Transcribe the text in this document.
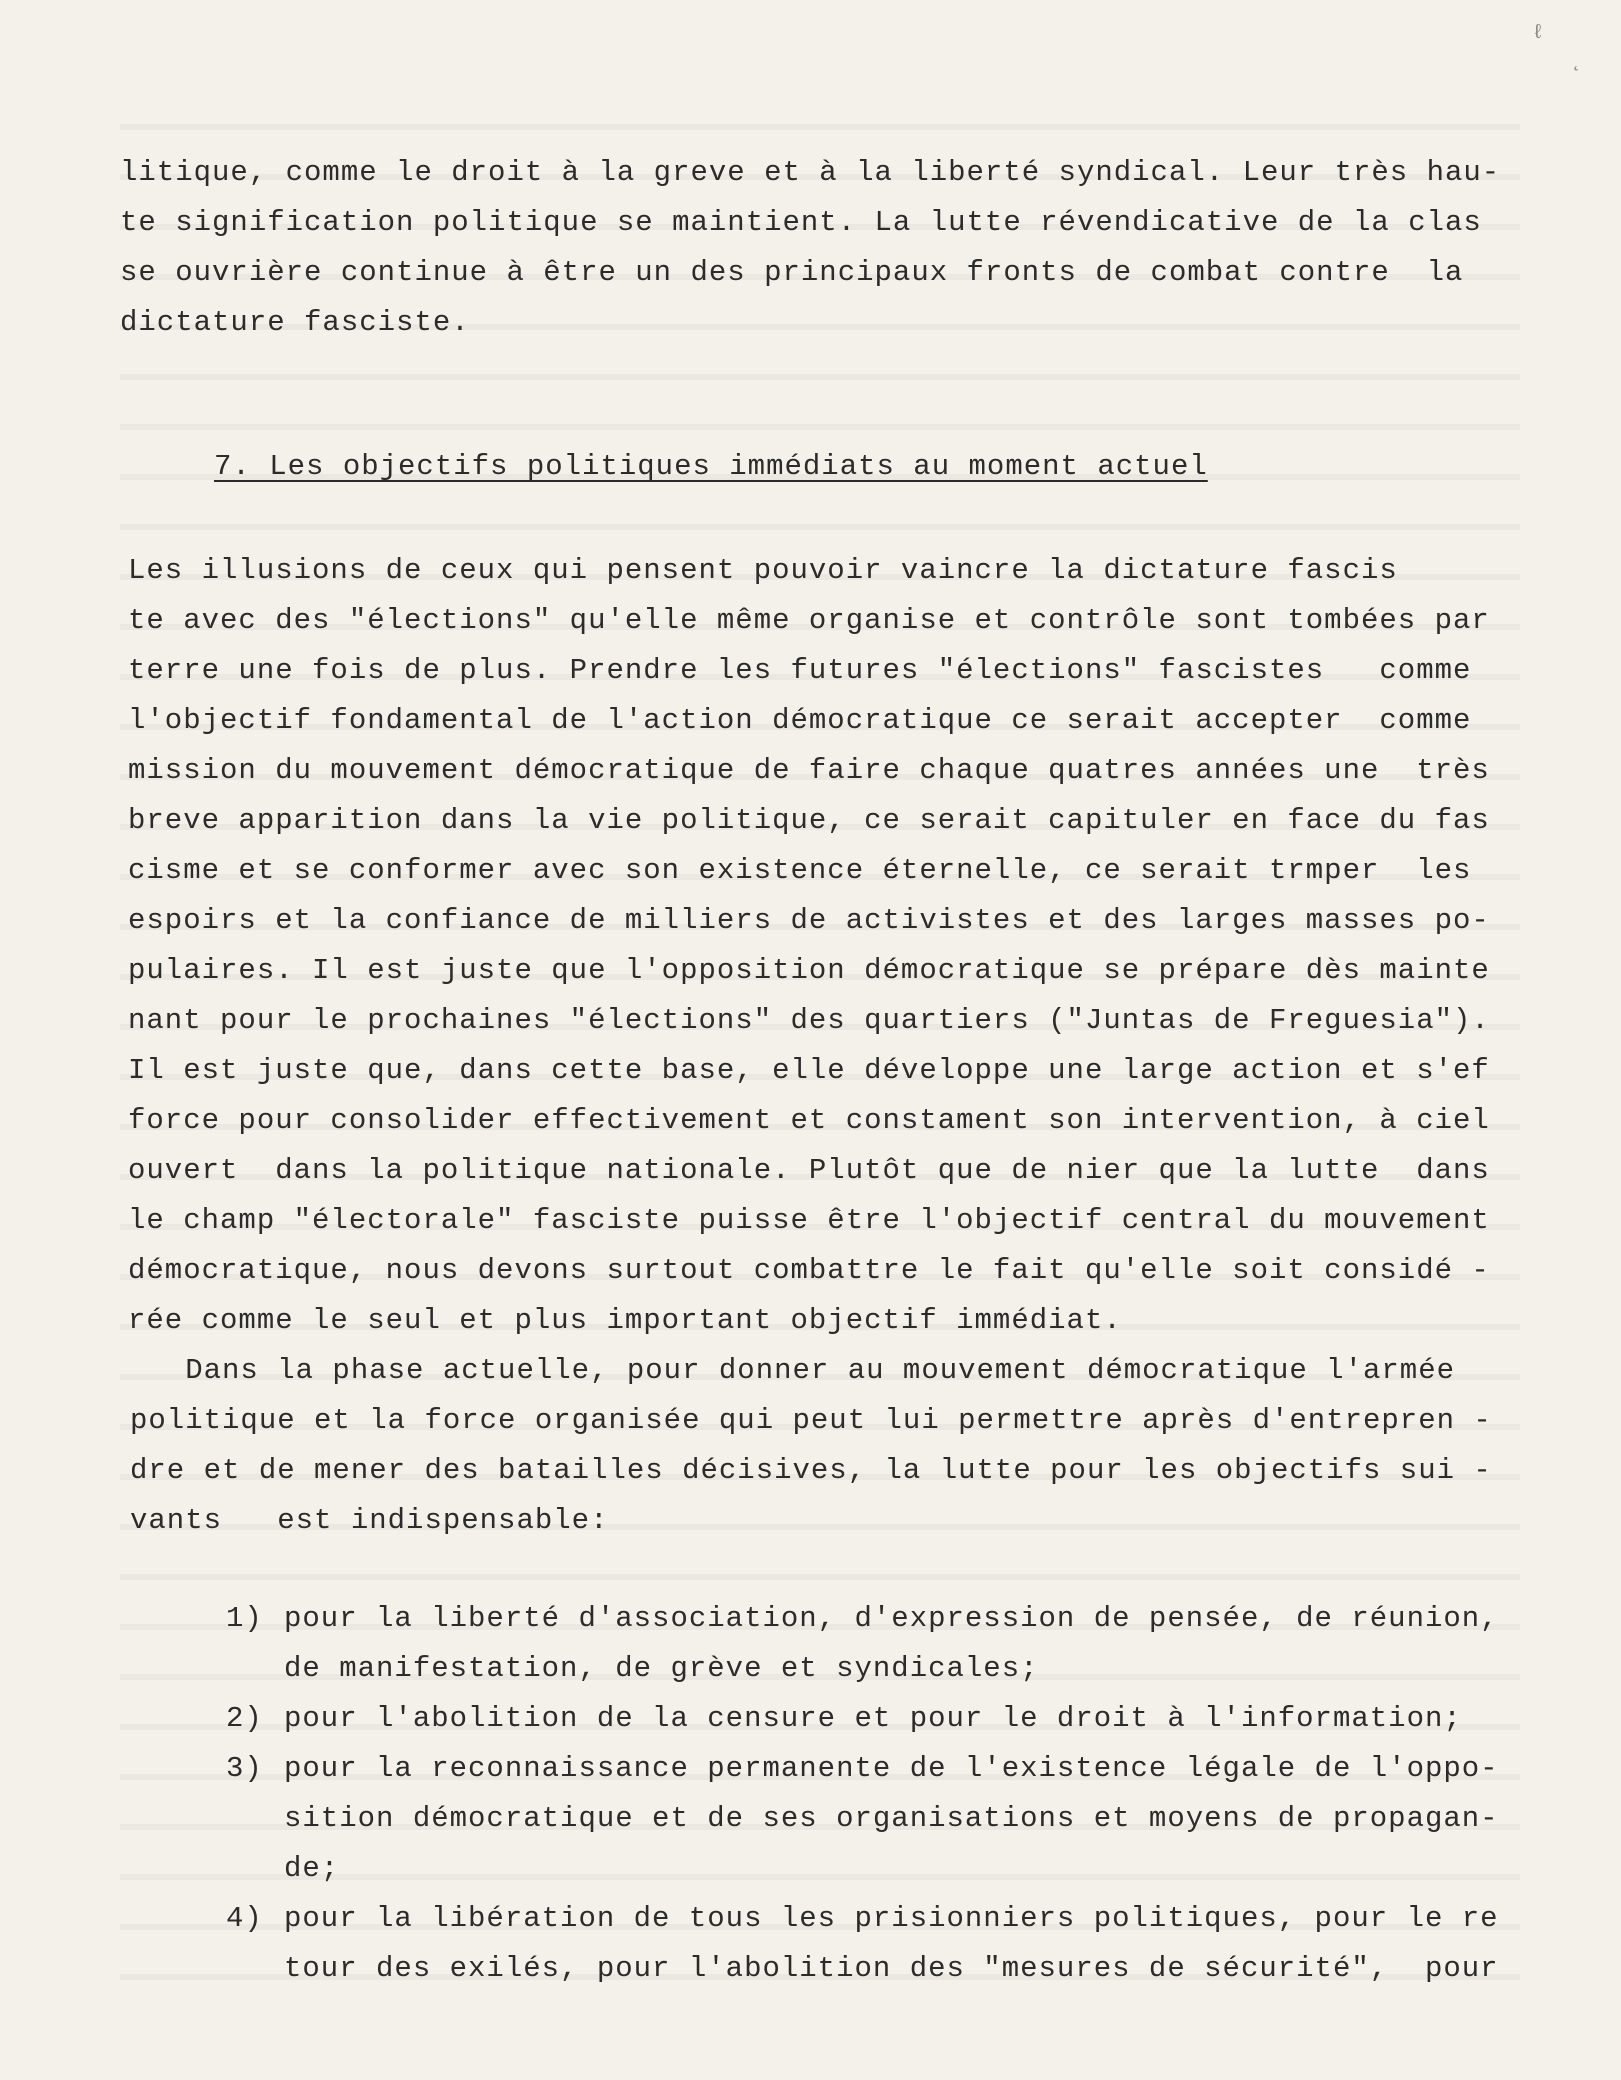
ℓ
˛
litique, comme le droit à la greve et à la liberté syndical. Leur très hau-
te signification politique se maintient. La lutte révendicative de la clas
se ouvrière continue à être un des principaux fronts de combat contre  la
dictature fasciste.
7. Les objectifs politiques immédiats au moment actuel
Les illusions de ceux qui pensent pouvoir vaincre la dictature fascis
te avec des "élections" qu'elle même organise et contrôle sont tombées par
terre une fois de plus. Prendre les futures "élections" fascistes   comme
l'objectif fondamental de l'action démocratique ce serait accepter  comme
mission du mouvement démocratique de faire chaque quatres années une  très
breve apparition dans la vie politique, ce serait capituler en face du fas
cisme et se conformer avec son existence éternelle, ce serait trmper  les
espoirs et la confiance de milliers de activistes et des larges masses po-
pulaires. Il est juste que l'opposition démocratique se prépare dès mainte
nant pour le prochaines "élections" des quartiers ("Juntas de Freguesia").
Il est juste que, dans cette base, elle développe une large action et s'ef
force pour consolider effectivement et constament son intervention, à ciel
ouvert  dans la politique nationale. Plutôt que de nier que la lutte  dans
le champ "électorale" fasciste puisse être l'objectif central du mouvement
démocratique, nous devons surtout combattre le fait qu'elle soit considé -
rée comme le seul et plus important objectif immédiat.
Dans la phase actuelle, pour donner au mouvement démocratique l'armée
politique et la force organisée qui peut lui permettre après d'entrepren -
dre et de mener des batailles décisives, la lutte pour les objectifs sui -
vants   est indispensable:
1) pour la liberté d'association, d'expression de pensée, de réunion,
de manifestation, de grève et syndicales;
2) pour l'abolition de la censure et pour le droit à l'information;
3) pour la reconnaissance permanente de l'existence légale de l'oppo-
sition démocratique et de ses organisations et moyens de propagan-
de;
4) pour la libération de tous les prisionniers politiques, pour le re
tour des exilés, pour l'abolition des "mesures de sécurité",  pour
